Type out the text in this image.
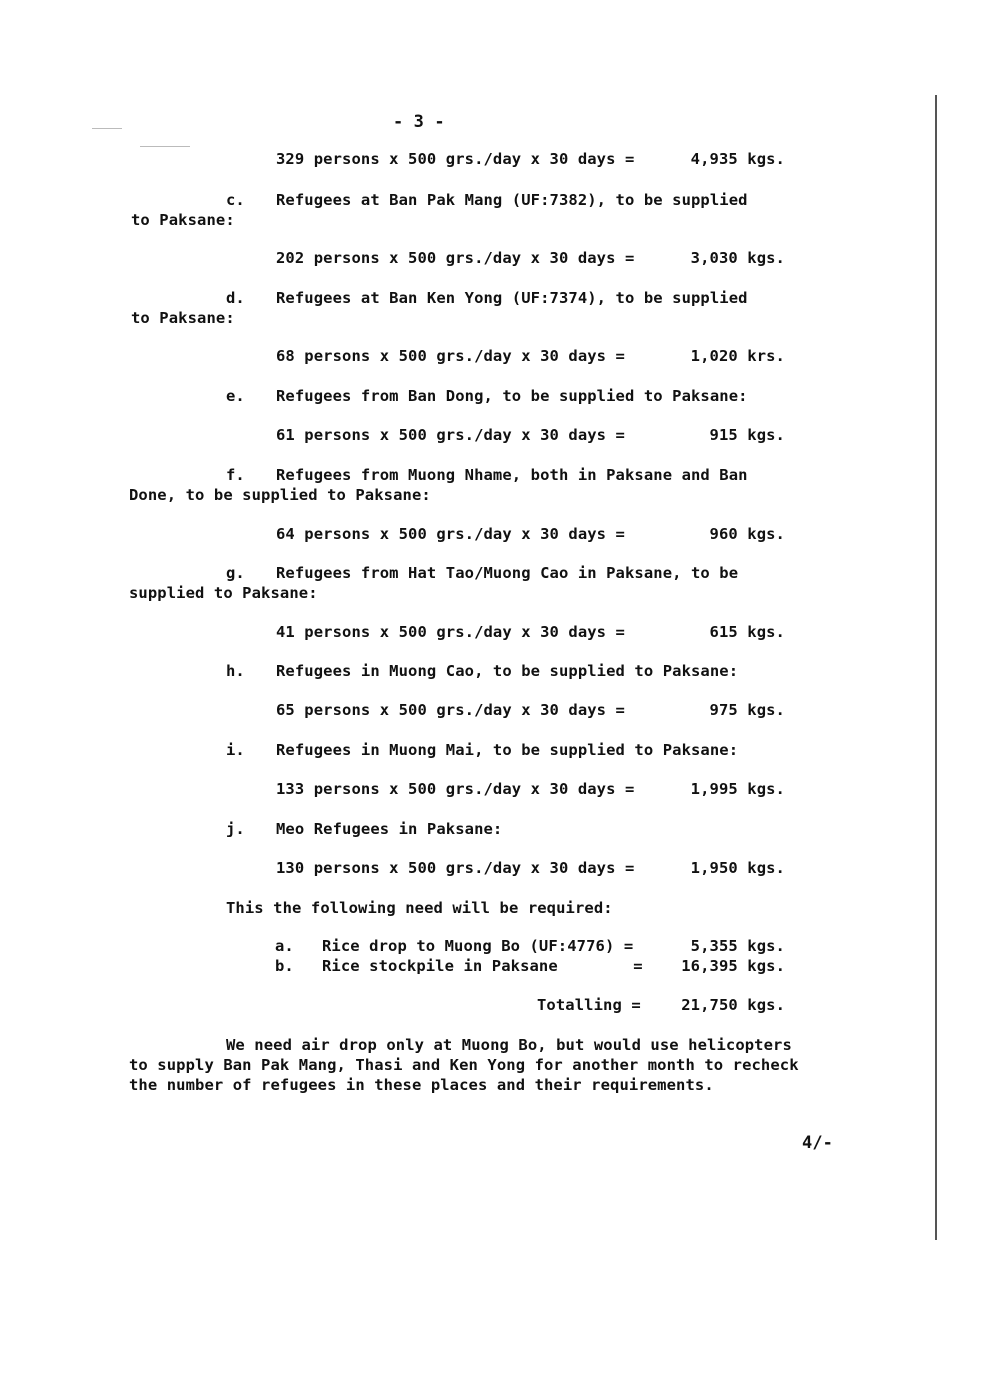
- 3 -
329 persons x 500 grs./day x 30 days =	4,935 kgs.
c. Refugees at Ban Pak Mang (UF:7382), to be supplied
to Paksane:
202 persons x 500 grs./day x 30 days =	3,030 kgs.
d. Refugees at Ban Ken Yong (UF:7374), to be supplied
to Paksane:
68 persons x 500 grs./day x 30 days =	1,020 krs.
e. Refugees from Ban Dong, to be supplied to Paksane:
61 persons x 500 grs./day x 30 days =	915 kgs.
f. Refugees from Muong Nhame, both in Paksane and Ban
Done, to be supplied to Paksane:
64 persons x 500 grs./day x 30 days =	960 kgs.
g. Refugees from Hat Tao/Muong Cao in Paksane, to be
supplied to Paksane:
41 persons x 500 grs./day x 30 days =	615 kgs.
h. Refugees in Muong Cao, to be supplied to Paksane:
65 persons x 500 grs./day x 30 days =	975 kgs.
i. Refugees in Muong Mai, to be supplied to Paksane:
133 persons x 500 grs./day x 30 days =	1,995 kgs.
j. Meo Refugees in Paksane:
130 persons x 500 grs./day x 30 days =	1,950 kgs.
This the following need will be required:
a. Rice drop to Muong Bo (UF:4776) =	5,355 kgs.
b. Rice stockpile in Paksane        =	16,395 kgs.
Totalling =	21,750 kgs.
We need air drop only at Muong Bo, but would use helicopters
to supply Ban Pak Mang, Thasi and Ken Yong for another month to recheck
the number of refugees in these places and their requirements.
4/-
